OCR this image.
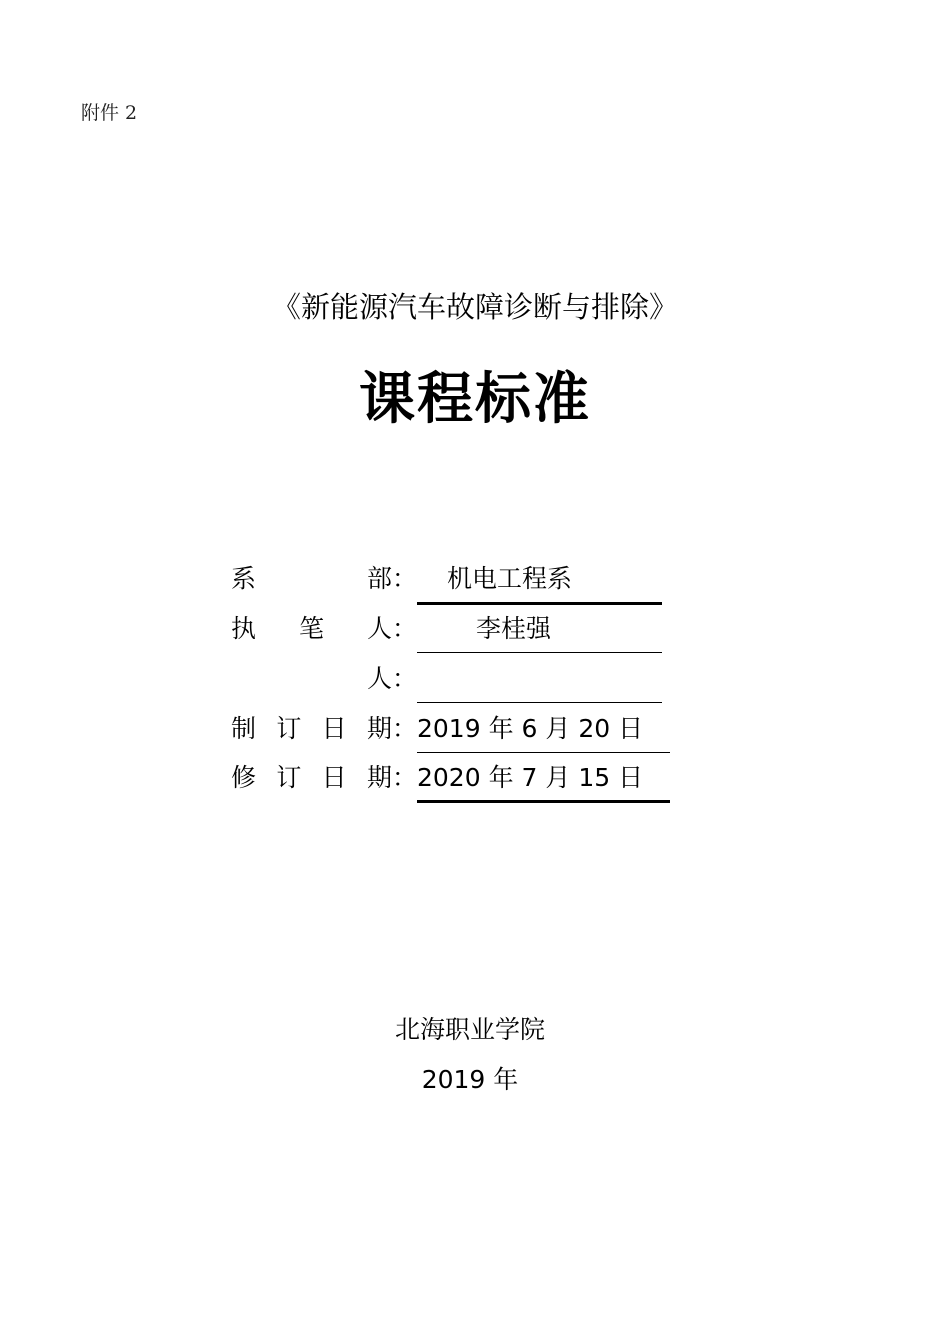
附件 2
《新能源汽车故障诊断与排除》
课程标准
系	部： 机电工程系
执 笔 人： 李桂强
人：
制 订 日 期： 2019 年 6 月 20 日
修 订 日 期： 2020 年 7 月 15 日
北海职业学院
2019 年
